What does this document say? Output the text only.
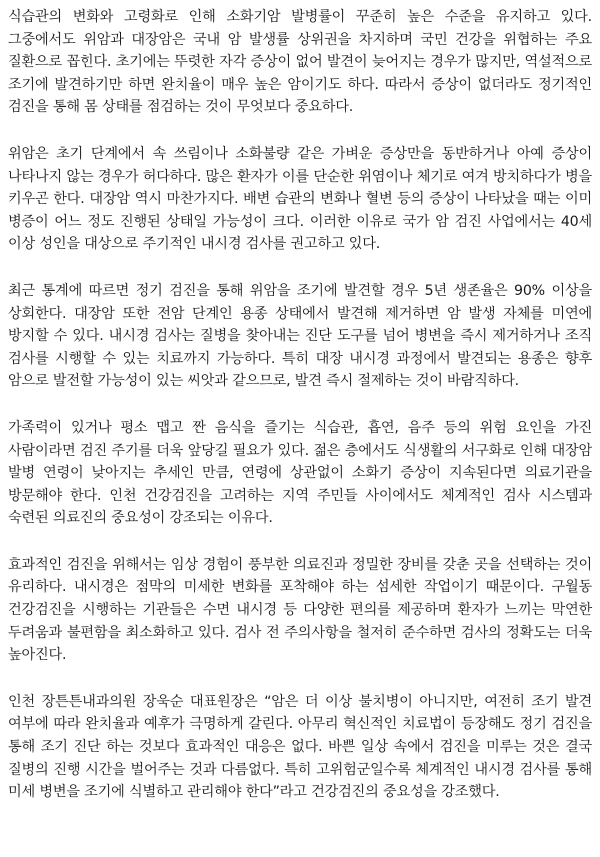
식습관의 변화와 고령화로 인해 소화기암 발병률이 꾸준히 높은 수준을 유지하고 있다. 그중에서도 위암과 대장암은 국내 암 발생률 상위권을 차지하며 국민 건강을 위협하는 주요 질환으로 꼽힌다. 초기에는 뚜렷한 자각 증상이 없어 발견이 늦어지는 경우가 많지만, 역설적으로 조기에 발견하기만 하면 완치율이 매우 높은 암이기도 하다. 따라서 증상이 없더라도 정기적인 검진을 통해 몸 상태를 점검하는 것이 무엇보다 중요하다.

위암은 초기 단계에서 속 쓰림이나 소화불량 같은 가벼운 증상만을 동반하거나 아예 증상이 나타나지 않는 경우가 허다하다. 많은 환자가 이를 단순한 위염이나 체기로 여겨 방치하다가 병을 키우곤 한다. 대장암 역시 마찬가지다. 배변 습관의 변화나 혈변 등의 증상이 나타났을 때는 이미 병증이 어느 정도 진행된 상태일 가능성이 크다. 이러한 이유로 국가 암 검진 사업에서는 40세 이상 성인을 대상으로 주기적인 내시경 검사를 권고하고 있다.

최근 통계에 따르면 정기 검진을 통해 위암을 조기에 발견할 경우 5년 생존율은 90% 이상을 상회한다. 대장암 또한 전암 단계인 용종 상태에서 발견해 제거하면 암 발생 자체를 미연에 방지할 수 있다. 내시경 검사는 질병을 찾아내는 진단 도구를 넘어 병변을 즉시 제거하거나 조직 검사를 시행할 수 있는 치료까지 가능하다. 특히 대장 내시경 과정에서 발견되는 용종은 향후 암으로 발전할 가능성이 있는 씨앗과 같으므로, 발견 즉시 절제하는 것이 바람직하다.

가족력이 있거나 평소 맵고 짠 음식을 즐기는 식습관, 흡연, 음주 등의 위험 요인을 가진 사람이라면 검진 주기를 더욱 앞당길 필요가 있다. 젊은 층에서도 식생활의 서구화로 인해 대장암 발병 연령이 낮아지는 추세인 만큼, 연령에 상관없이 소화기 증상이 지속된다면 의료기관을 방문해야 한다. 인천 건강검진을 고려하는 지역 주민들 사이에서도 체계적인 검사 시스템과 숙련된 의료진의 중요성이 강조되는 이유다.

효과적인 검진을 위해서는 임상 경험이 풍부한 의료진과 정밀한 장비를 갖춘 곳을 선택하는 것이 유리하다. 내시경은 점막의 미세한 변화를 포착해야 하는 섬세한 작업이기 때문이다. 구월동 건강검진을 시행하는 기관들은 수면 내시경 등 다양한 편의를 제공하며 환자가 느끼는 막연한 두려움과 불편함을 최소화하고 있다. 검사 전 주의사항을 철저히 준수하면 검사의 정확도는 더욱 높아진다.

인천 장튼튼내과의원 장욱순 대표원장은 “암은 더 이상 불치병이 아니지만, 여전히 조기 발견 여부에 따라 완치율과 예후가 극명하게 갈린다. 아무리 혁신적인 치료법이 등장해도 정기 검진을 통해 조기 진단 하는 것보다 효과적인 대응은 없다. 바쁜 일상 속에서 검진을 미루는 것은 결국 질병의 진행 시간을 벌어주는 것과 다름없다. 특히 고위험군일수록 체계적인 내시경 검사를 통해 미세 병변을 조기에 식별하고 관리해야 한다”라고 건강검진의 중요성을 강조했다.
